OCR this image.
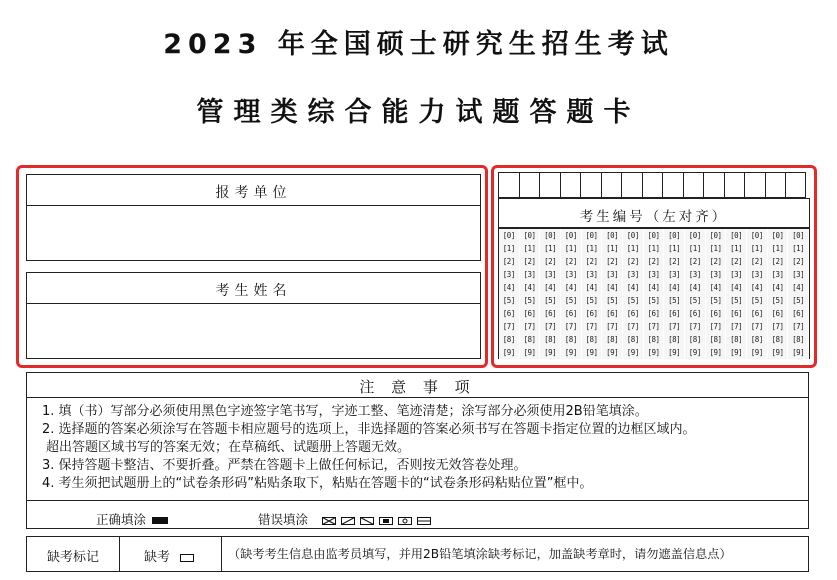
2023 年全国硕士研究生招生考试
管理类综合能力试题答题卡
报考单位
考生姓名
考生编号（左对齐）
[0]	[0]	[0]	[0]	[0]	[0]	[0]	[0]	[0]	[0]	[0]	[0]	[0]	[0]	[0]
[1]	[1]	[1]	[1]	[1]	[1]	[1]	[1]	[1]	[1]	[1]	[1]	[1]	[1]	[1]
[2]	[2]	[2]	[2]	[2]	[2]	[2]	[2]	[2]	[2]	[2]	[2]	[2]	[2]	[2]
[3]	[3]	[3]	[3]	[3]	[3]	[3]	[3]	[3]	[3]	[3]	[3]	[3]	[3]	[3]
[4]	[4]	[4]	[4]	[4]	[4]	[4]	[4]	[4]	[4]	[4]	[4]	[4]	[4]	[4]
[5]	[5]	[5]	[5]	[5]	[5]	[5]	[5]	[5]	[5]	[5]	[5]	[5]	[5]	[5]
[6]	[6]	[6]	[6]	[6]	[6]	[6]	[6]	[6]	[6]	[6]	[6]	[6]	[6]	[6]
[7]	[7]	[7]	[7]	[7]	[7]	[7]	[7]	[7]	[7]	[7]	[7]	[7]	[7]	[7]
[8]	[8]	[8]	[8]	[8]	[8]	[8]	[8]	[8]	[8]	[8]	[8]	[8]	[8]	[8]
[9]	[9]	[9]	[9]	[9]	[9]	[9]	[9]	[9]	[9]	[9]	[9]	[9]	[9]	[9]
注 意 事 项
1. 填（书）写部分必须使用黑色字迹签字笔书写，字迹工整、笔迹清楚；涂写部分必须使用2B铅笔填涂。
2. 选择题的答案必须涂写在答题卡相应题号的选项上，非选择题的答案必须书写在答题卡指定位置的边框区域内。
超出答题区域书写的答案无效；在草稿纸、试题册上答题无效。
3. 保持答题卡整洁、不要折叠。严禁在答题卡上做任何标记，否则按无效答卷处理。
4. 考生须把试题册上的“试卷条形码”粘贴条取下，粘贴在答题卡的“试卷条形码粘贴位置”框中。
正确填涂	错误填涂
缺考标记	缺考	（缺考考生信息由监考员填写，并用2B铅笔填涂缺考标记，加盖缺考章时，请勿遮盖信息点）
